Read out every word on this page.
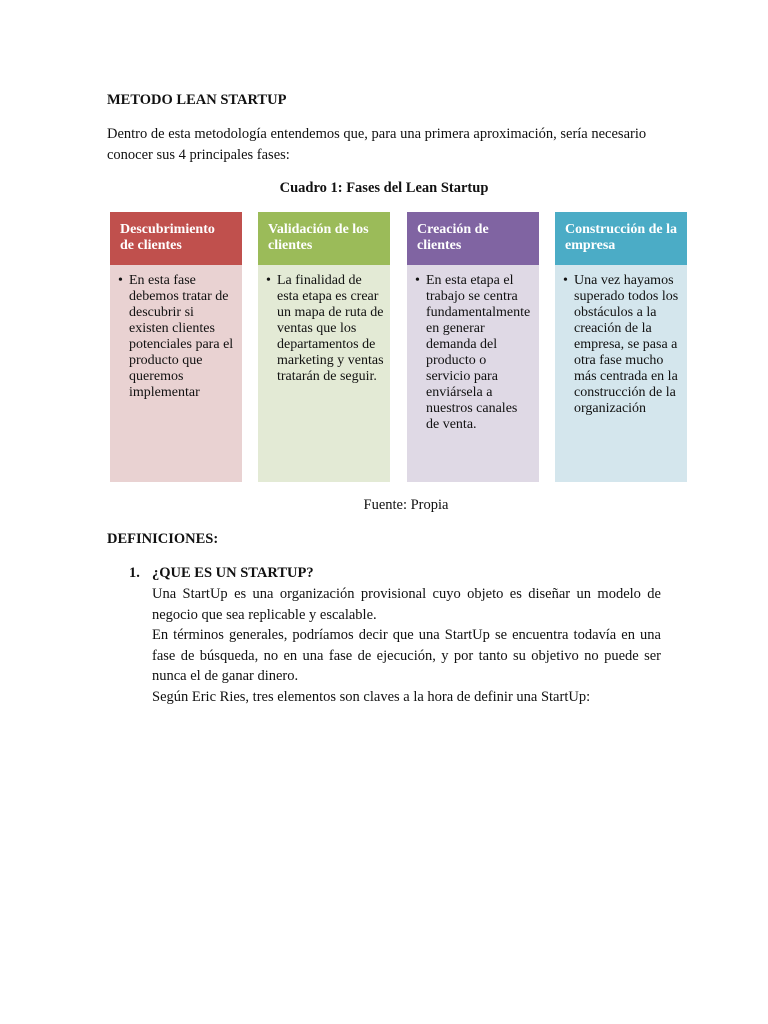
METODO LEAN STARTUP

Dentro de esta metodología entendemos que, para una primera aproximación, sería necesario conocer sus 4 principales fases:

Cuadro 1: Fases del Lean Startup

Descubrimiento de clientes
• En esta fase debemos tratar de descubrir si existen clientes potenciales para el producto que queremos implementar
Validación de los clientes
• La finalidad de esta etapa es crear un mapa de ruta de ventas que los departamentos de marketing y ventas tratarán de seguir.
Creación de clientes
• En esta etapa el trabajo se centra fundamentalmente en generar demanda del producto o servicio para enviársela a nuestros canales de venta.
Construcción de la empresa
• Una vez hayamos superado todos los obstáculos a la creación de la empresa, se pasa a otra fase mucho más centrada en la construcción de la organización

Fuente: Propia

DEFINICIONES:
1. ¿QUE ES UN STARTUP?

Una StartUp es una organización provisional cuyo objeto es diseñar un modelo de negocio que sea replicable y escalable.

En términos generales, podríamos decir que una StartUp se encuentra todavía en una fase de búsqueda, no en una fase de ejecución, y por tanto su objetivo no puede ser nunca el de ganar dinero.

Según Eric Ries, tres elementos son claves a la hora de definir una StartUp:
